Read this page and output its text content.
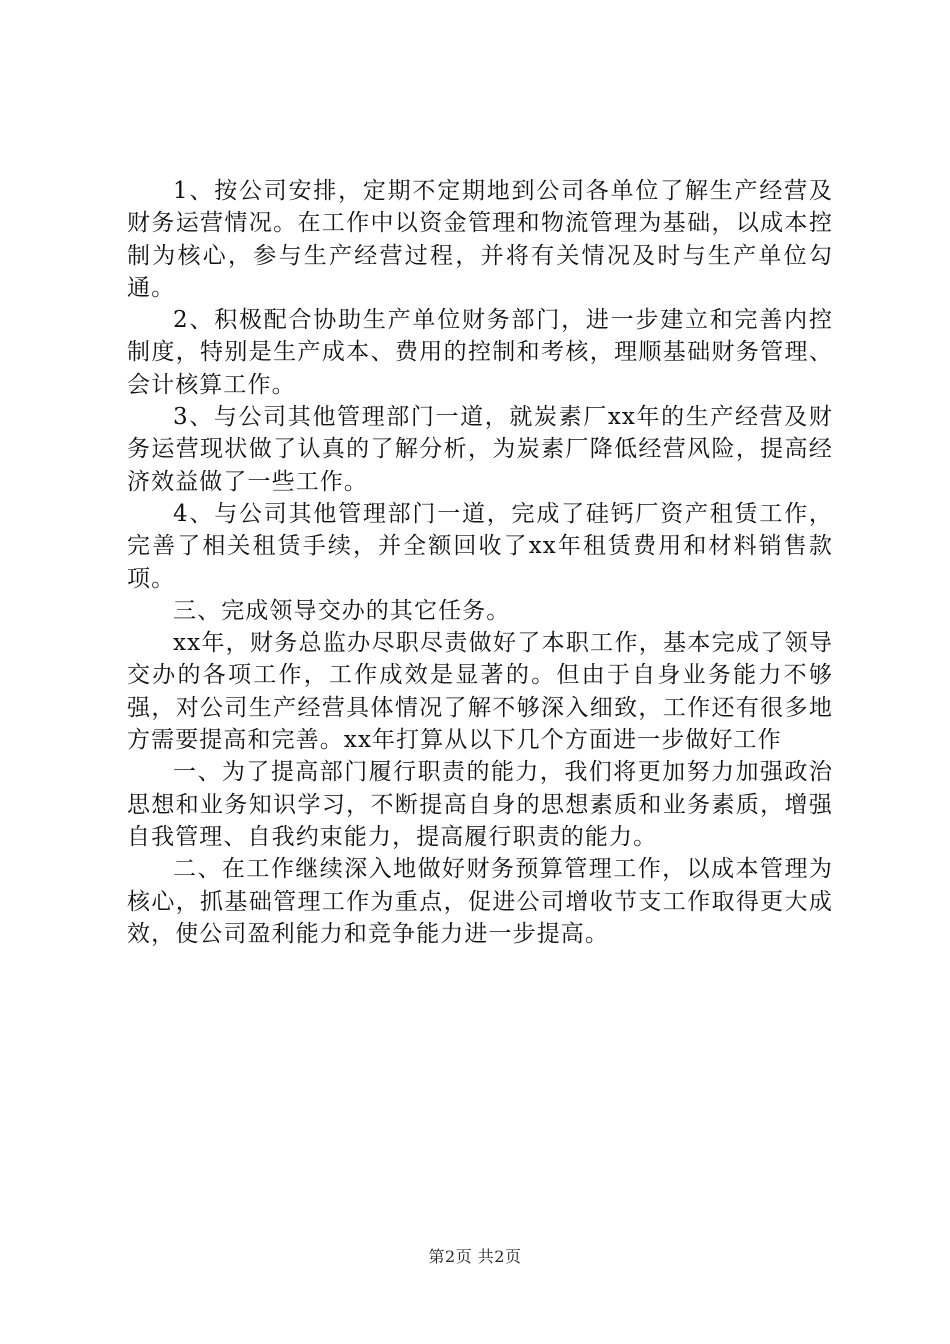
1、按公司安排，定期不定期地到公司各单位了解生产经营及财务运营情况。在工作中以资金管理和物流管理为基础，以成本控制为核心，参与生产经营过程，并将有关情况及时与生产单位勾通。

2、积极配合协助生产单位财务部门，进一步建立和完善内控制度，特别是生产成本、费用的控制和考核，理顺基础财务管理、会计核算工作。

3、与公司其他管理部门一道，就炭素厂xx年的生产经营及财务运营现状做了认真的了解分析，为炭素厂降低经营风险，提高经济效益做了一些工作。

4、与公司其他管理部门一道，完成了硅钙厂资产租赁工作，完善了相关租赁手续，并全额回收了xx年租赁费用和材料销售款项。

三、完成领导交办的其它任务。

xx年，财务总监办尽职尽责做好了本职工作，基本完成了领导交办的各项工作，工作成效是显著的。但由于自身业务能力不够强，对公司生产经营具体情况了解不够深入细致，工作还有很多地方需要提高和完善。xx年打算从以下几个方面进一步做好工作

一、为了提高部门履行职责的能力，我们将更加努力加强政治思想和业务知识学习，不断提高自身的思想素质和业务素质，增强自我管理、自我约束能力，提高履行职责的能力。

二、在工作继续深入地做好财务预算管理工作，以成本管理为核心，抓基础管理工作为重点，促进公司增收节支工作取得更大成效，使公司盈利能力和竞争能力进一步提高。

第2页 共2页
